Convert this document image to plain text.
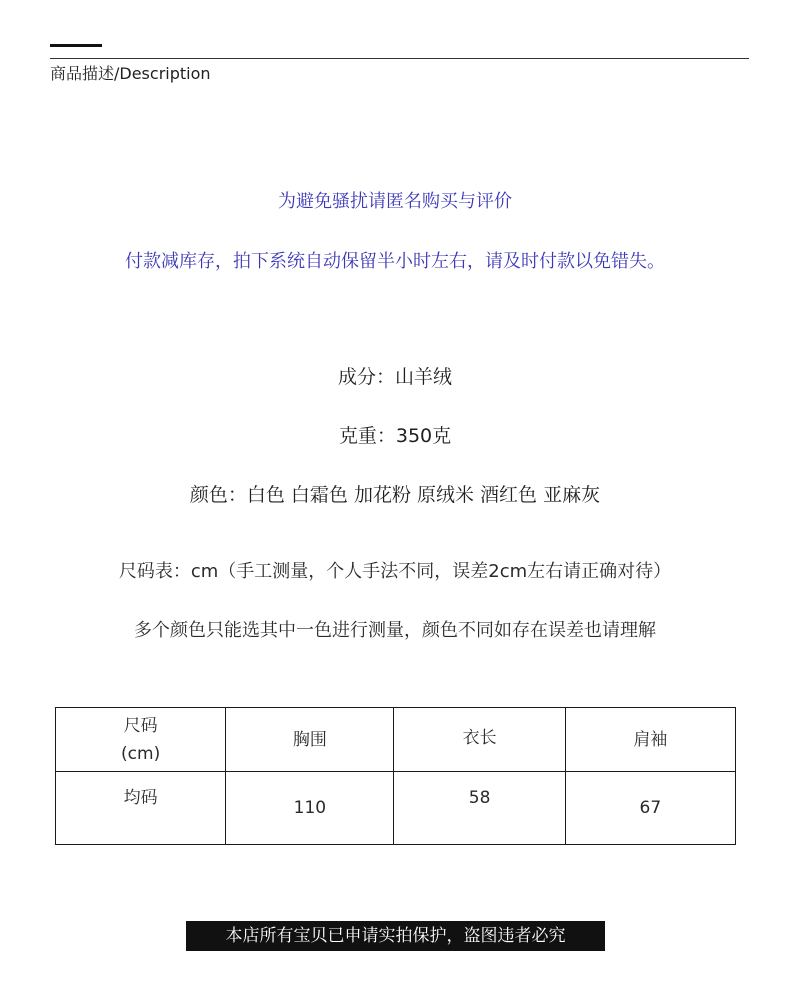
商品描述/Description
为避免骚扰请匿名购买与评价
付款减库存，拍下系统自动保留半小时左右，请及时付款以免错失。
成分：山羊绒
克重：350克
颜色：白色 白霜色 加花粉 原绒米 酒红色 亚麻灰
尺码表：cm（手工测量，个人手法不同，误差2cm左右请正确对待）
多个颜色只能选其中一色进行测量，颜色不同如存在误差也请理解
尺码
(cm)	胸围	衣长	肩袖

均码	110	58	67
本店所有宝贝已申请实拍保护，盗图违者必究
